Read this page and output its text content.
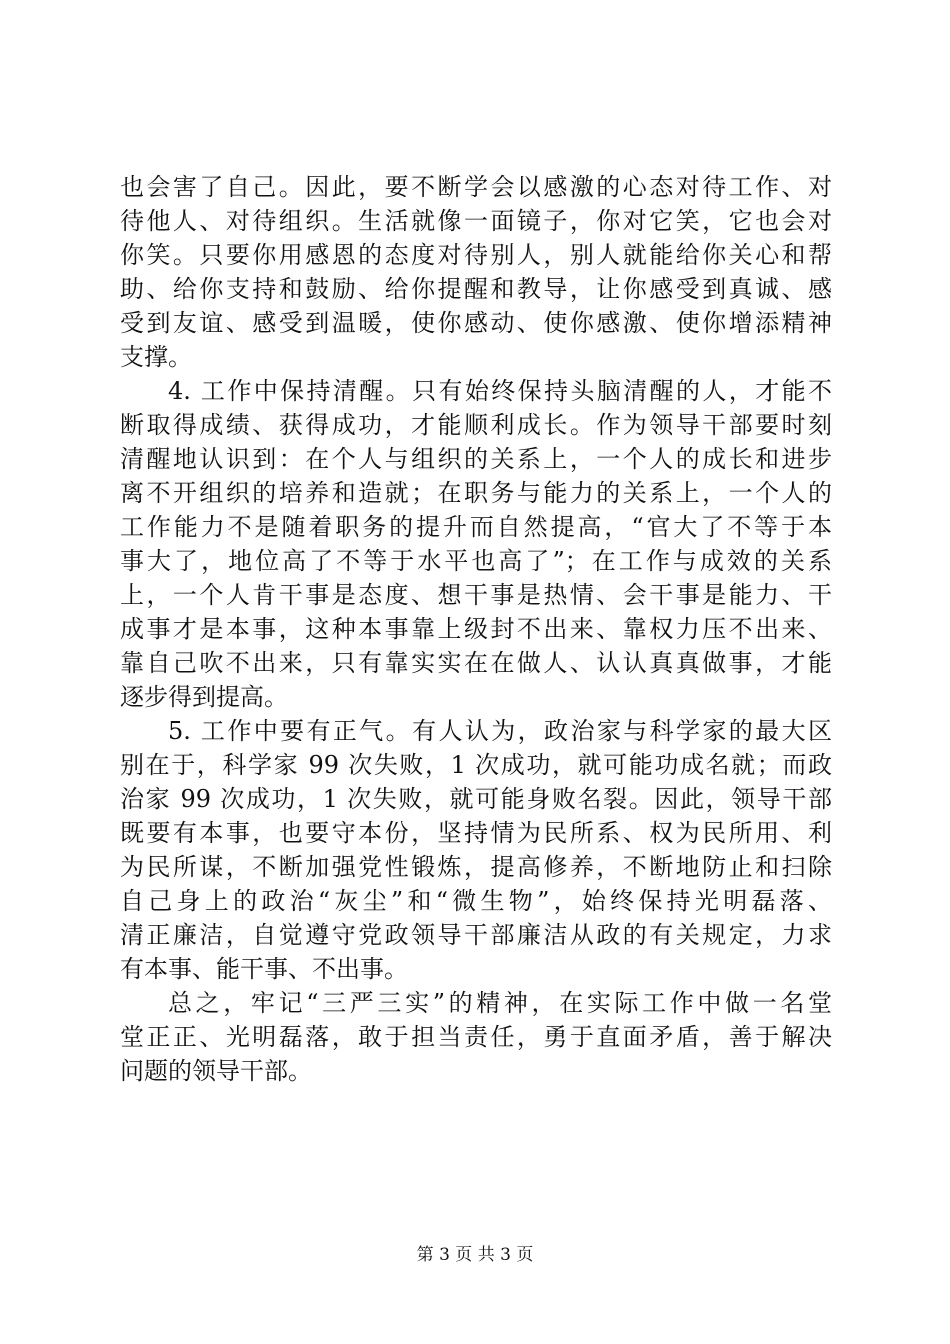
也会害了自己。因此，要不断学会以感激的心态对待工作、对
待他人、对待组织。生活就像一面镜子，你对它笑，它也会对
你笑。只要你用感恩的态度对待别人，别人就能给你关心和帮
助、给你支持和鼓励、给你提醒和教导，让你感受到真诚、感
受到友谊、感受到温暖，使你感动、使你感激、使你增添精神
支撑。
4. 工作中保持清醒。只有始终保持头脑清醒的人，才能不
断取得成绩、获得成功，才能顺利成长。作为领导干部要时刻
清醒地认识到：在个人与组织的关系上，一个人的成长和进步
离不开组织的培养和造就；在职务与能力的关系上，一个人的
工作能力不是随着职务的提升而自然提高，“官大了不等于本
事大了，地位高了不等于水平也高了”；在工作与成效的关系
上，一个人肯干事是态度、想干事是热情、会干事是能力、干
成事才是本事，这种本事靠上级封不出来、靠权力压不出来、
靠自己吹不出来，只有靠实实在在做人、认认真真做事，才能
逐步得到提高。
5. 工作中要有正气。有人认为，政治家与科学家的最大区
别在于，科学家 99 次失败，1 次成功，就可能功成名就；而政
治家 99 次成功，1 次失败，就可能身败名裂。因此，领导干部
既要有本事，也要守本份，坚持情为民所系、权为民所用、利
为民所谋，不断加强党性锻炼，提高修养，不断地防止和扫除
自己身上的政治“灰尘”和“微生物”，始终保持光明磊落、
清正廉洁，自觉遵守党政领导干部廉洁从政的有关规定，力求
有本事、能干事、不出事。
总之，牢记“三严三实”的精神，在实际工作中做一名堂
堂正正、光明磊落，敢于担当责任，勇于直面矛盾，善于解决
问题的领导干部。
第 3 页 共 3 页
